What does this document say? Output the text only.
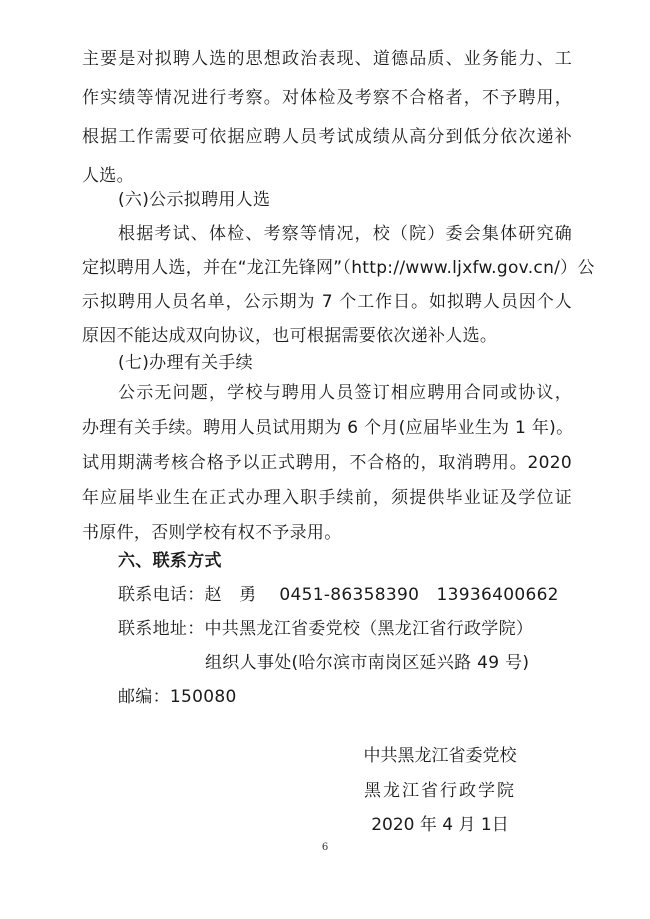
主要是对拟聘人选的思想政治表现、道德品质、业务能力、工
作实绩等情况进行考察。对体检及考察不合格者，不予聘用，
根据工作需要可依据应聘人员考试成绩从高分到低分依次递补
人选。
(六)公示拟聘用人选
根据考试、体检、考察等情况，校（院）委会集体研究确
定拟聘用人选，并在“龙江先锋网”（http://www.ljxfw.gov.cn/）公
示拟聘用人员名单，公示期为 7 个工作日。如拟聘人员因个人
原因不能达成双向协议，也可根据需要依次递补人选。
(七)办理有关手续
公示无问题，学校与聘用人员签订相应聘用合同或协议，
办理有关手续。聘用人员试用期为 6 个月(应届毕业生为 1 年)。
试用期满考核合格予以正式聘用，不合格的，取消聘用。2020
年应届毕业生在正式办理入职手续前，须提供毕业证及学位证
书原件，否则学校有权不予录用。
六、联系方式
联系电话：赵　勇　 0451-86358390　13936400662
联系地址：中共黑龙江省委党校（黑龙江省行政学院）
组织人事处(哈尔滨市南岗区延兴路 49 号)
邮编：150080
中共黑龙江省委党校
黑龙江省行政学院
2020 年 4 月 1日
6
